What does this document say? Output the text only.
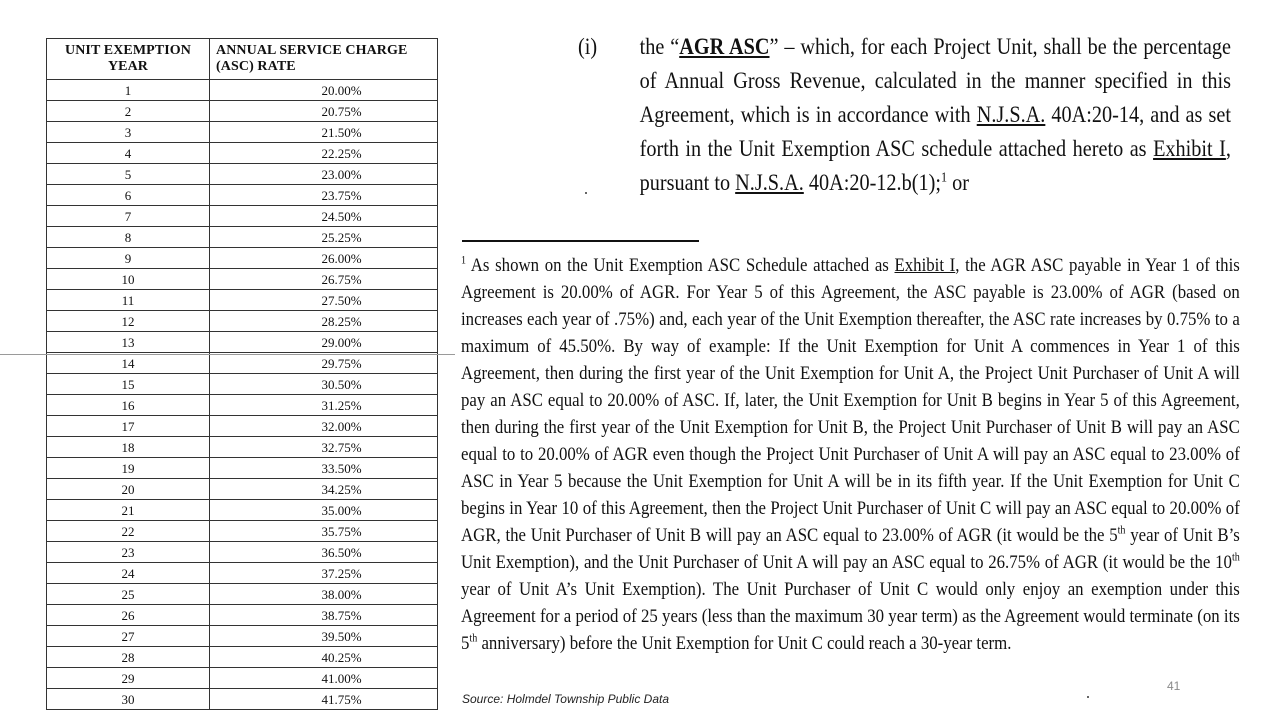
UNIT EXEMPTION YEAR	ANNUAL SERVICE CHARGE (ASC) RATE
1	20.00%
2	20.75%
3	21.50%
4	22.25%
5	23.00%
6	23.75%
7	24.50%
8	25.25%
9	26.00%
10	26.75%
11	27.50%
12	28.25%
13	29.00%
14	29.75%
15	30.50%
16	31.25%
17	32.00%
18	32.75%
19	33.50%
20	34.25%
21	35.00%
22	35.75%
23	36.50%
24	37.25%
25	38.00%
26	38.75%
27	39.50%
28	40.25%
29	41.00%
30	41.75%
(i) the “AGR ASC” – which, for each Project Unit, shall be the percentage of Annual Gross Revenue, calculated in the manner specified in this Agreement, which is in accordance with N.J.S.A. 40A:20-14, and as set forth in the Unit Exemption ASC schedule attached hereto as Exhibit I, pursuant to N.J.S.A. 40A:20-12.b(1);$^1$ or
$^1$ As shown on the Unit Exemption ASC Schedule attached as Exhibit I, the AGR ASC payable in Year 1 of this Agreement is 20.00% of AGR. For Year 5 of this Agreement, the ASC payable is 23.00% of AGR (based on increases each year of .75%) and, each year of the Unit Exemption thereafter, the ASC rate increases by 0.75% to a maximum of 45.50%. By way of example: If the Unit Exemption for Unit A commences in Year 1 of this Agreement, then during the first year of the Unit Exemption for Unit A, the Project Unit Purchaser of Unit A will pay an ASC equal to 20.00% of ASC. If, later, the Unit Exemption for Unit B begins in Year 5 of this Agreement, then during the first year of the Unit Exemption for Unit B, the Project Unit Purchaser of Unit B will pay an ASC equal to to 20.00% of AGR even though the Project Unit Purchaser of Unit A will pay an ASC equal to 23.00% of ASC in Year 5 because the Unit Exemption for Unit A will be in its fifth year. If the Unit Exemption for Unit C begins in Year 10 of this Agreement, then the Project Unit Purchaser of Unit C will pay an ASC equal to 20.00% of AGR, the Unit Purchaser of Unit B will pay an ASC equal to 23.00% of AGR (it would be the 5th year of Unit B’s Unit Exemption), and the Unit Purchaser of Unit A will pay an ASC equal to 26.75% of AGR (it would be the 10th year of Unit A’s Unit Exemption). The Unit Purchaser of Unit C would only enjoy an exemption under this Agreement for a period of 25 years (less than the maximum 30 year term) as the Agreement would terminate (on its 5th anniversary) before the Unit Exemption for Unit C could reach a 30-year term.
Source: Holmdel Township Public Data
41
